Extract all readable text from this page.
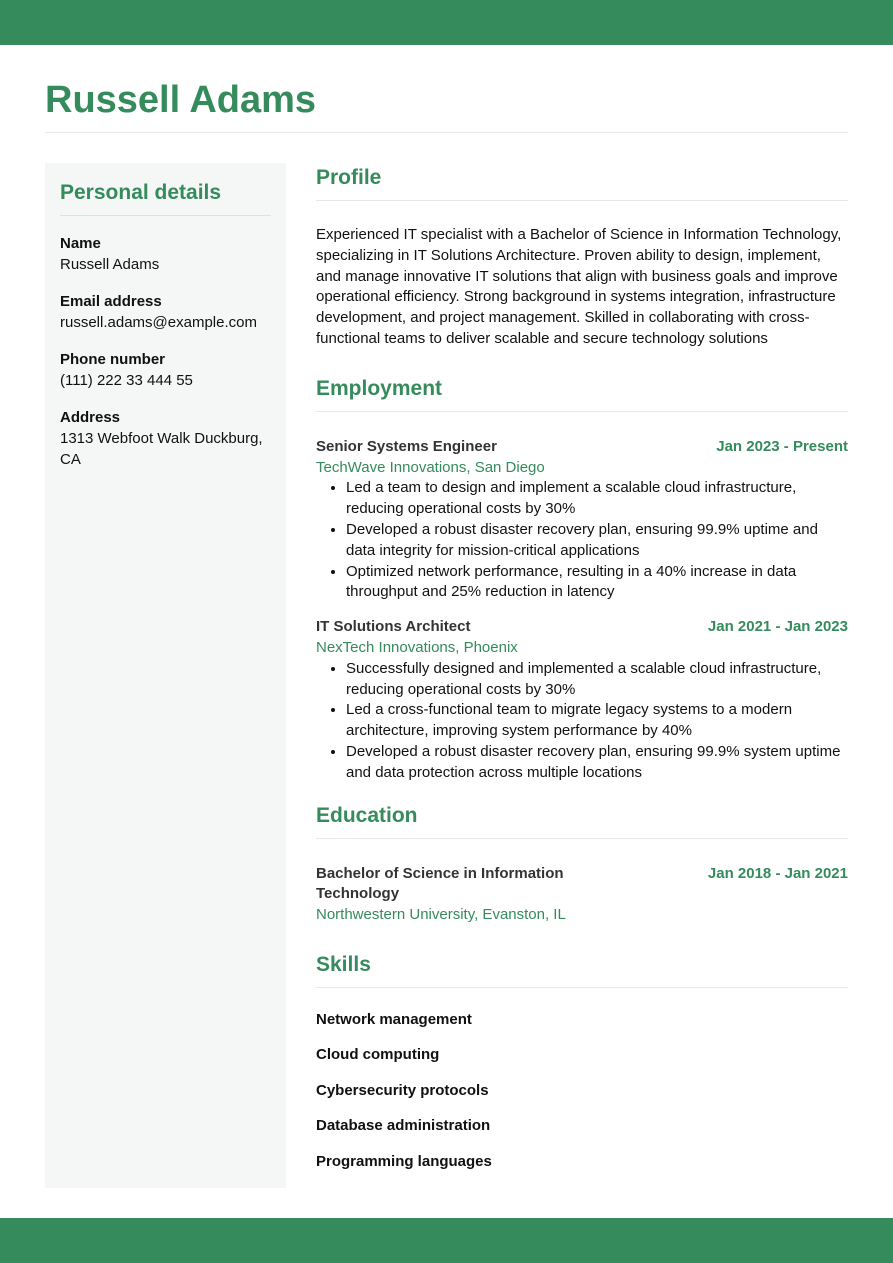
Russell Adams
Personal details
Name
Russell Adams
Email address
russell.adams@example.com
Phone number
(111) 222 33 444 55
Address
1313 Webfoot Walk Duckburg, CA
Profile

Experienced IT specialist with a Bachelor of Science in Information Technology, specializing in IT Solutions Architecture. Proven ability to design, implement, and manage innovative IT solutions that align with business goals and improve operational efficiency. Strong background in systems integration, infrastructure development, and project management. Skilled in collaborating with cross-functional teams to deliver scalable and secure technology solutions

Employment
Senior Systems Engineer	Jan 2023 - Present
TechWave Innovations, San Diego
• Led a team to design and implement a scalable cloud infrastructure, reducing operational costs by 30%
• Developed a robust disaster recovery plan, ensuring 99.9% uptime and data integrity for mission-critical applications
• Optimized network performance, resulting in a 40% increase in data throughput and 25% reduction in latency
IT Solutions Architect	Jan 2021 - Jan 2023
NexTech Innovations, Phoenix
• Successfully designed and implemented a scalable cloud infrastructure, reducing operational costs by 30%
• Led a cross-functional team to migrate legacy systems to a modern architecture, improving system performance by 40%
• Developed a robust disaster recovery plan, ensuring 99.9% system uptime and data protection across multiple locations
Education
Bachelor of Science in Information Technology
Jan 2018 - Jan 2021
Northwestern University, Evanston, IL
Skills
Network management
Cloud computing
Cybersecurity protocols
Database administration
Programming languages
